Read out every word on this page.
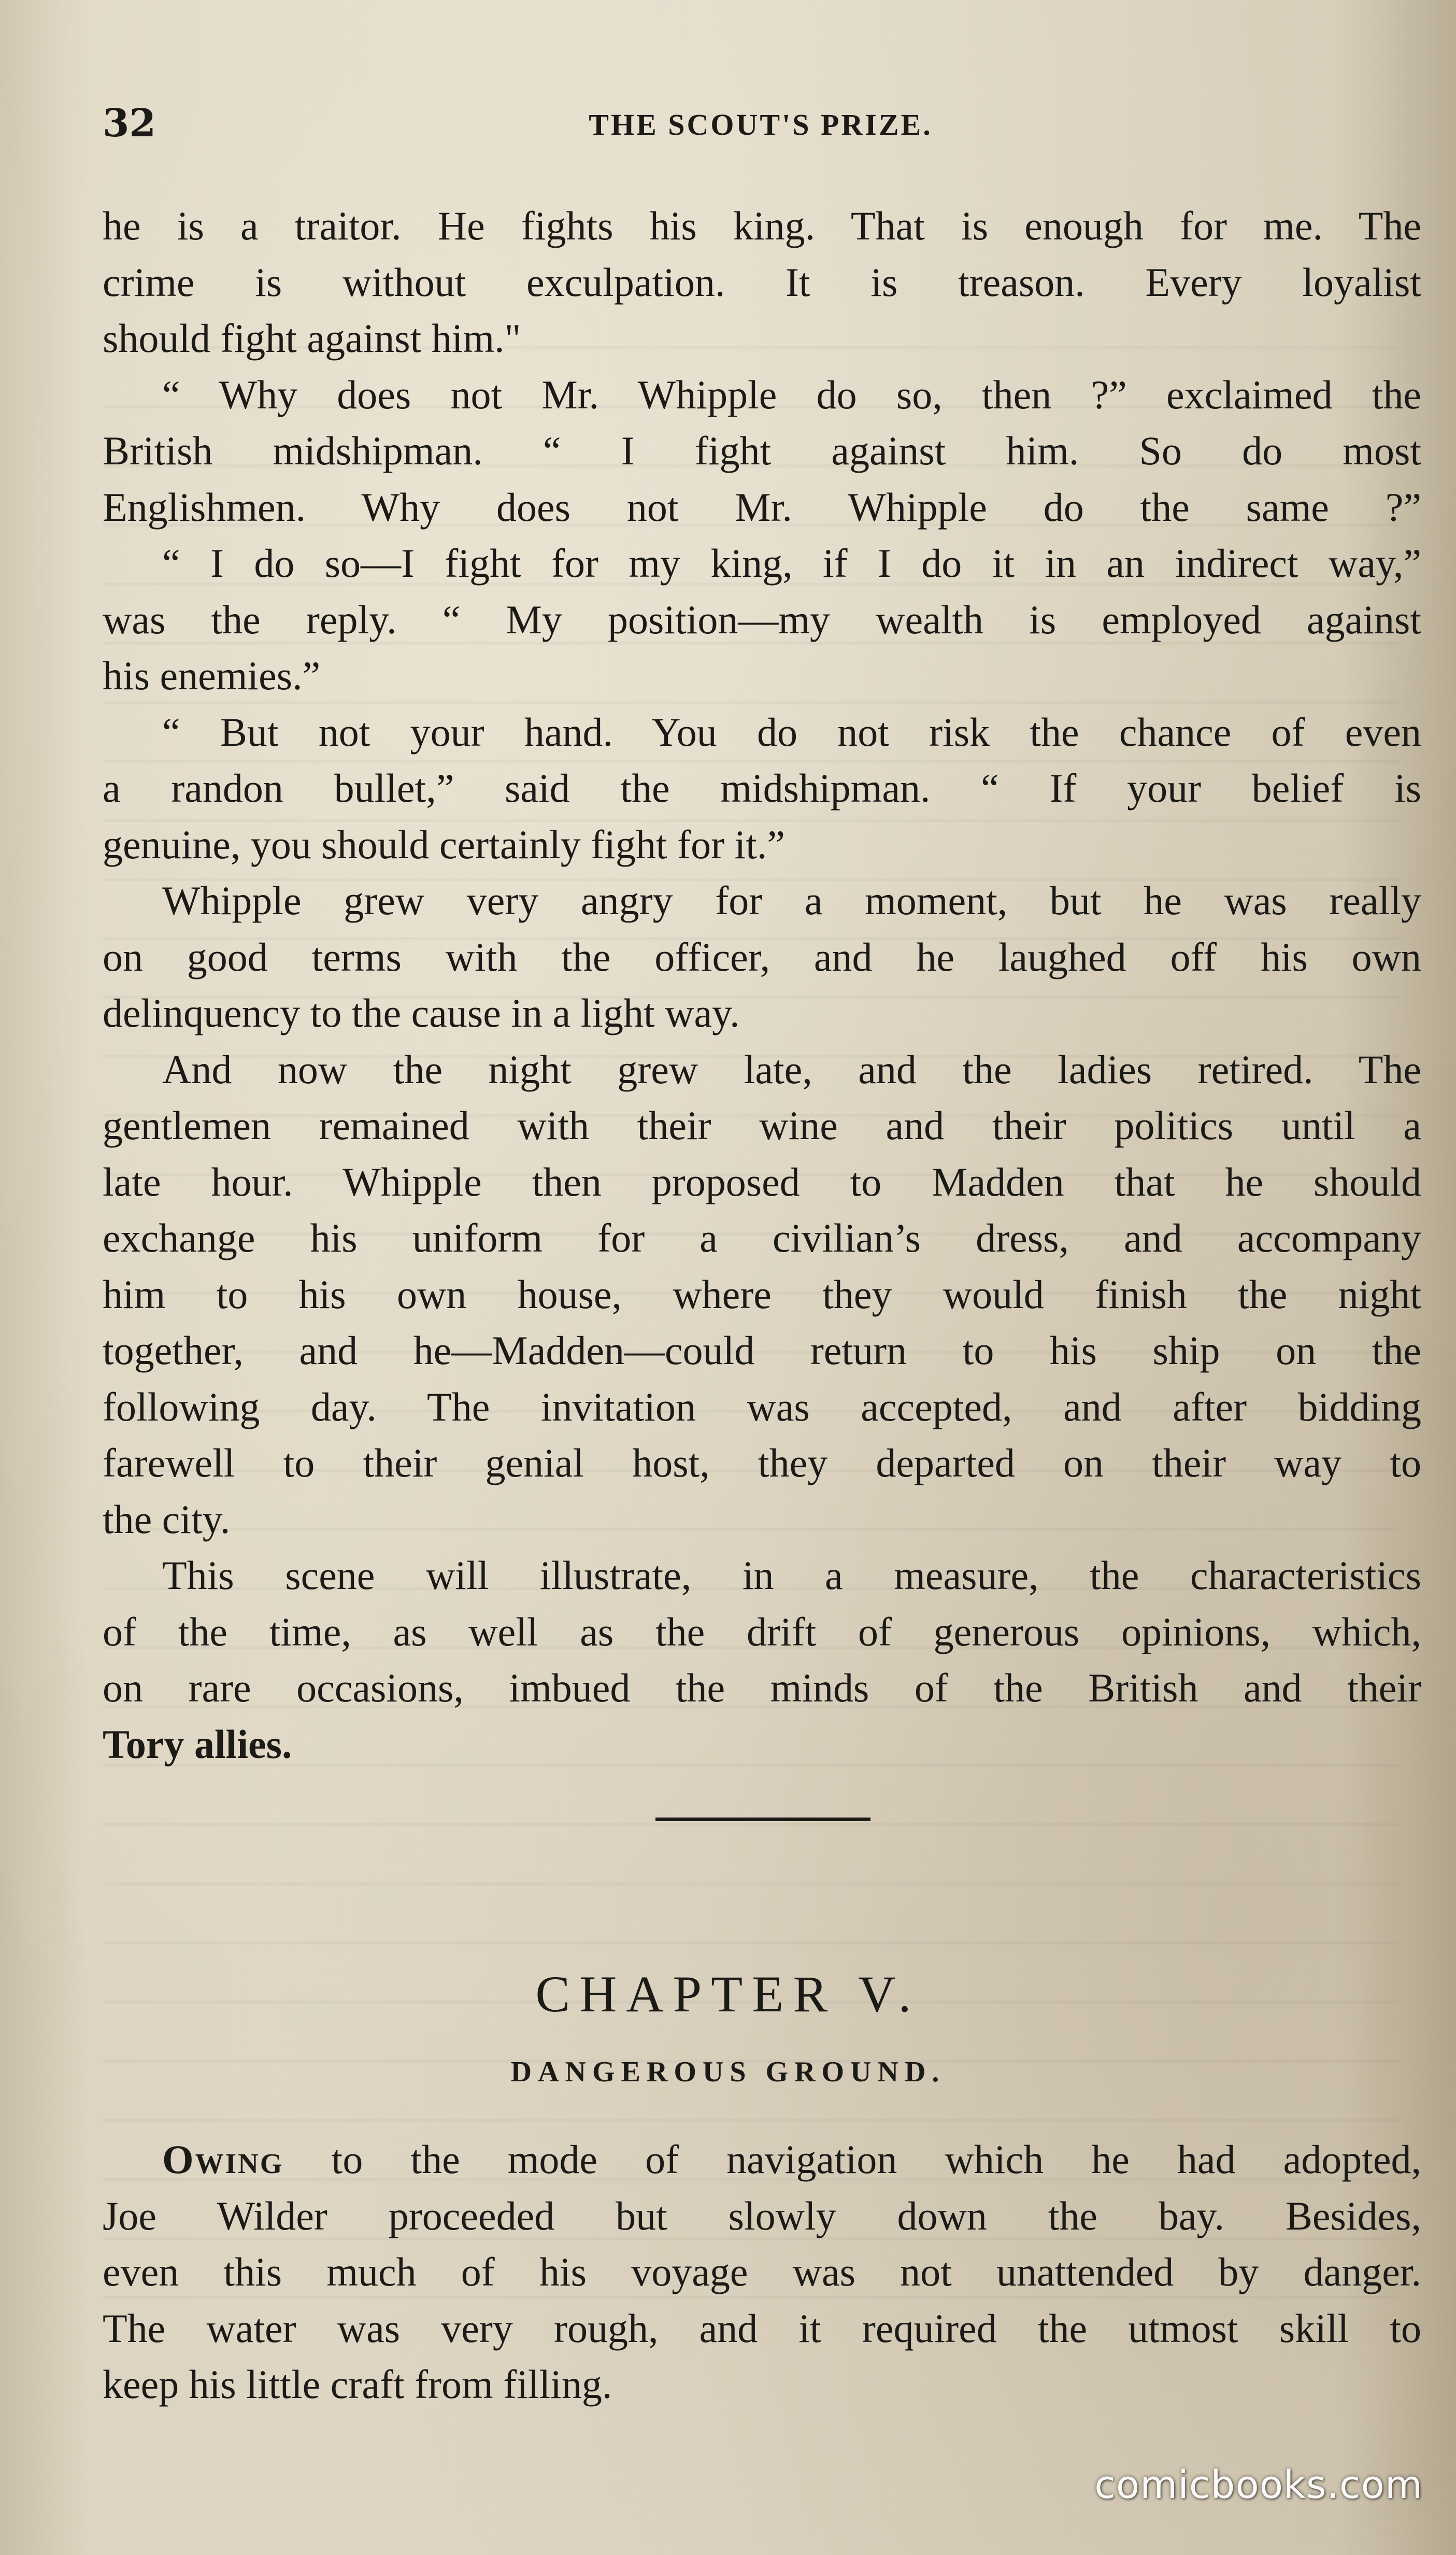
32	THE SCOUT'S PRIZE.

he is a traitor. He fights his king. That is enough for me. The
crime is without exculpation. It is treason. Every loyalist
should fight against him."

“ Why does not Mr. Whipple do so, then ?” exclaimed the
British midshipman. “ I fight against him. So do most
Englishmen. Why does not Mr. Whipple do the same ?”

“ I do so—I fight for my king, if I do it in an indirect way,”
was the reply. “ My position—my wealth is employed against
his enemies.”

“ But not your hand. You do not risk the chance of even
a randon bullet,” said the midshipman. “ If your belief is
genuine, you should certainly fight for it.”

Whipple grew very angry for a moment, but he was really
on good terms with the officer, and he laughed off his own
delinquency to the cause in a light way.

And now the night grew late, and the ladies retired. The
gentlemen remained with their wine and their politics until a
late hour. Whipple then proposed to Madden that he should
exchange his uniform for a civilian’s dress, and accompany
him to his own house, where they would finish the night
together, and he—Madden—could return to his ship on the
following day. The invitation was accepted, and after bidding
farewell to their genial host, they departed on their way to
the city.

This scene will illustrate, in a measure, the characteristics
of the time, as well as the drift of generous opinions, which,
on rare occasions, imbued the minds of the British and their
Tory allies.

CHAPTER V.
DANGEROUS GROUND.
Owing to the mode of navigation which he had adopted,
Joe Wilder proceeded but slowly down the bay. Besides,
even this much of his voyage was not unattended by danger.
The water was very rough, and it required the utmost skill to
keep his little craft from filling.
comicbooks.com
